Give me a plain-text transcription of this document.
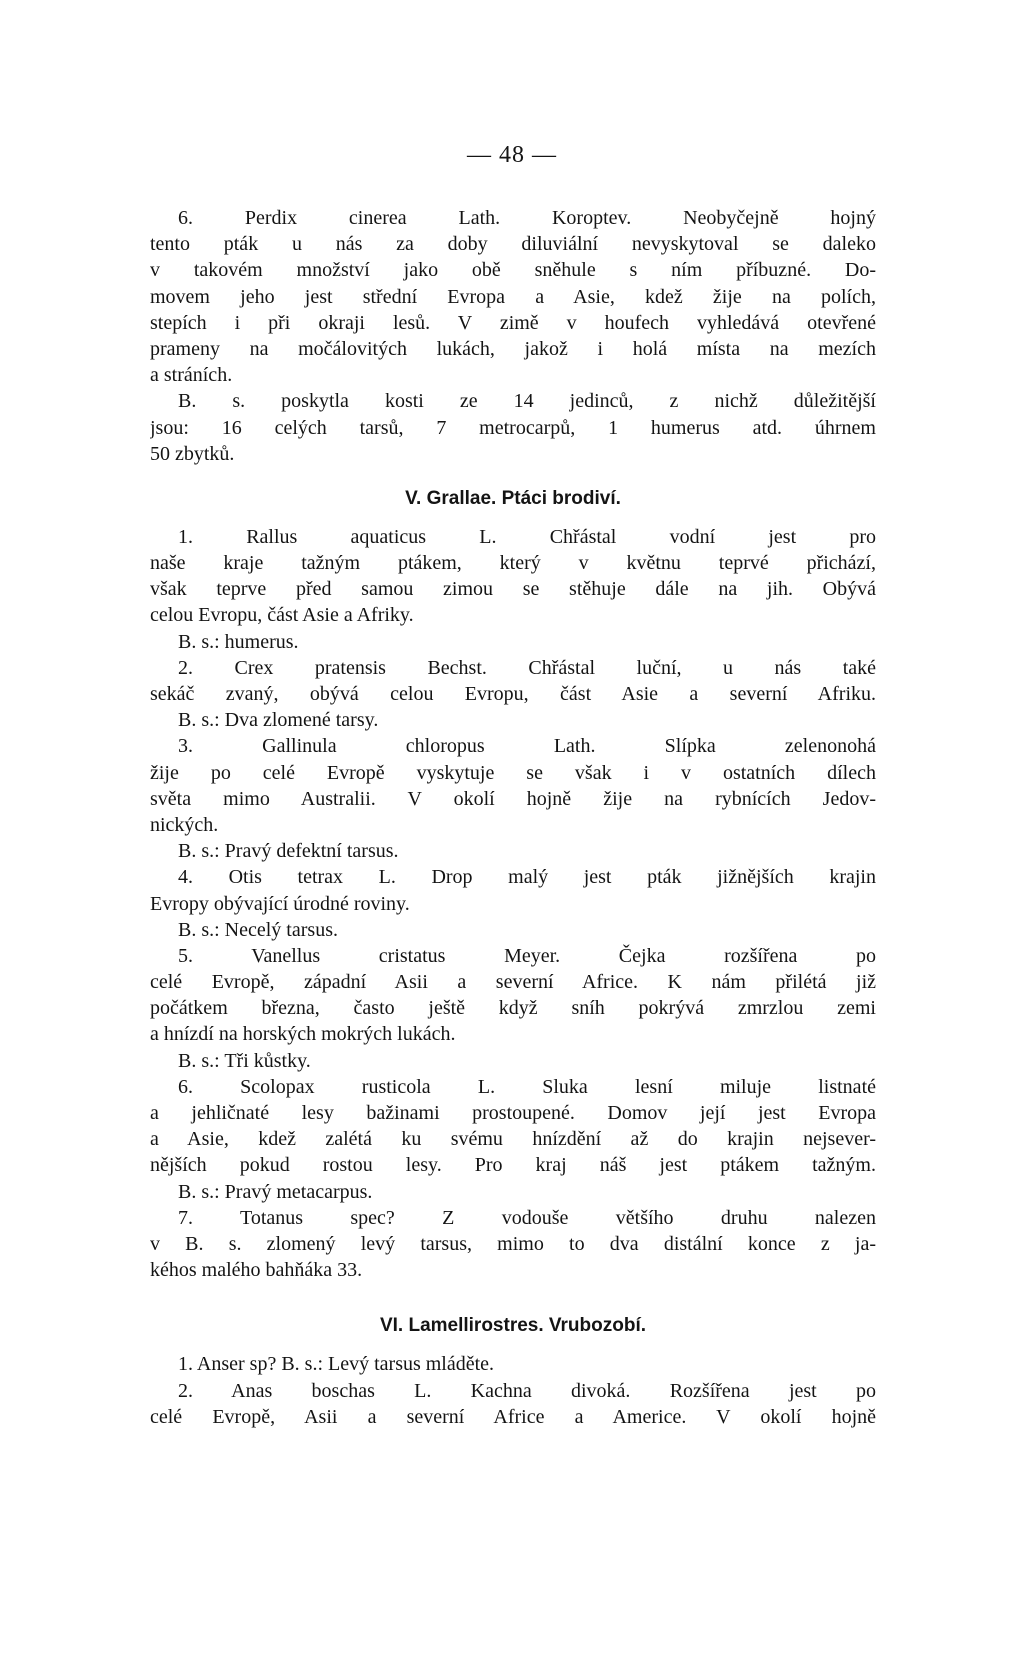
— 48 —
6. Perdix cinerea Lath. Koroptev. Neobyčejně hojný
tento pták u nás za doby diluviální nevyskytoval se daleko
v takovém množství jako obě sněhule s ním příbuzné. Do-
movem jeho jest střední Evropa a Asie, kdež žije na polích,
stepích i při okraji lesů. V zimě v houfech vyhledává otevřené
prameny na močálovitých lukách, jakož i holá místa na mezích
a stráních.
B. s. poskytla kosti ze 14 jedinců, z nichž důležitější
jsou: 16 celých tarsů, 7 metrocarpů, 1 humerus atd. úhrnem
50 zbytků.
V. Grallae. Ptáci brodiví.
1. Rallus aquaticus L. Chřástal vodní jest pro
naše kraje tažným ptákem, který v květnu teprvé přichází,
však teprve před samou zimou se stěhuje dále na jih. Obývá
celou Evropu, část Asie a Afriky.
B. s.: humerus.
2. Crex pratensis Bechst. Chřástal luční, u nás také
sekáč zvaný, obývá celou Evropu, část Asie a severní Afriku.
B. s.: Dva zlomené tarsy.
3. Gallinula chloropus Lath. Slípka zelenonohá
žije po celé Evropě vyskytuje se však i v ostatních dílech
světa mimo Australii. V okolí hojně žije na rybnících Jedov-
nických.
B. s.: Pravý defektní tarsus.
4. Otis tetrax L. Drop malý jest pták jižnějších krajin
Evropy obývající úrodné roviny.
B. s.: Necelý tarsus.
5. Vanellus cristatus Meyer. Čejka rozšířena po
celé Evropě, západní Asii a severní Africe. K nám přilétá již
počátkem března, často ještě když sníh pokrývá zmrzlou zemi
a hnízdí na horských mokrých lukách.
B. s.: Tři kůstky.
6. Scolopax rusticola L. Sluka lesní miluje listnaté
a jehličnaté lesy bažinami prostoupené. Domov její jest Evropa
a Asie, kdež zalétá ku svému hnízdění až do krajin nejsever-
nějších pokud rostou lesy. Pro kraj náš jest ptákem tažným.
B. s.: Pravý metacarpus.
7. Totanus spec? Z vodouše většího druhu nalezen
v B. s. zlomený levý tarsus, mimo to dva distální konce z ja-
kéhos malého bahňáka 33.
VI. Lamellirostres. Vrubozobí.
1. Anser sp? B. s.: Levý tarsus mláděte.
2. Anas boschas L. Kachna divoká. Rozšířena jest po
celé Evropě, Asii a severní Africe a Americe. V okolí hojně
